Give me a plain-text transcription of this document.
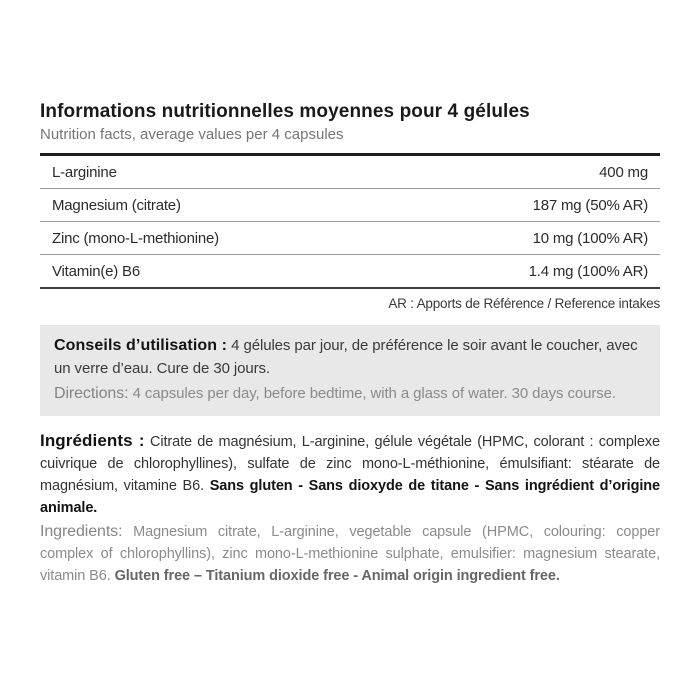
Informations nutritionnelles moyennes pour 4 gélules
Nutrition facts, average values per 4 capsules
L-arginine	400 mg
Magnesium (citrate)	187 mg (50% AR)
Zinc (mono-L-methionine)	10 mg (100% AR)
Vitamin(e) B6	1.4 mg (100% AR)

AR : Apports de Référence / Reference intakes

Conseils d’utilisation : 4 gélules par jour, de préférence le soir avant le coucher, avec un verre d’eau. Cure de 30 jours.

Directions: 4 capsules per day, before bedtime, with a glass of water. 30 days course.

Ingrédients : Citrate de magnésium, L-arginine, gélule végétale (HPMC, colorant : complexe cuivrique de chlorophyllines), sulfate de zinc mono-L-méthionine, émulsifiant: stéarate de magnésium, vitamine B6. Sans gluten - Sans dioxyde de titane - Sans ingrédient d’origine animale.

Ingredients: Magnesium citrate, L-arginine, vegetable capsule (HPMC, colouring: copper complex of chlorophyllins), zinc mono-L-methionine sulphate, emulsifier: magnesium stearate, vitamin B6. Gluten free – Titanium dioxide free - Animal origin ingredient free.
